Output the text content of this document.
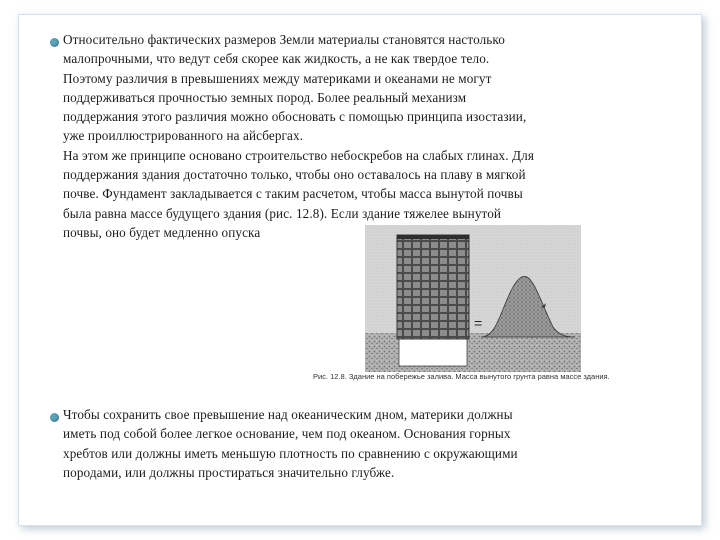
Относительно фактических размеров Земли материалы становятся настолько
малопрочными, что ведут себя скорее как жидкость, а не как твердое тело.
Поэтому различия в превышениях между материками и океанами не могут
поддерживаться прочностью земных пород. Более реальный механизм
поддержания этого различия можно обосновать с помощью принципа изостазии,
уже проиллюстрированного на айсбергах.
На этом же принципе основано строительство небоскребов на слабых глинах. Для
поддержания здания достаточно только, чтобы оно оставалось на плаву в мягкой
почве. Фундамент закладывается с таким расчетом, чтобы масса вынутой почвы
была равна массе будущего здания (рис. 12.8). Если здание тяжелее вынутой
почвы, оно будет медленно опуска
=
Рис. 12.8. Здание на побережье залива. Масса вынутого грунта равна массе здания.
Чтобы сохранить свое превышение над океаническим дном, материки должны
иметь под собой более легкое основание, чем под океаном. Основания горных
хребтов или должны иметь меньшую плотность по сравнению с окружающими
породами, или должны простираться значительно глубже.
